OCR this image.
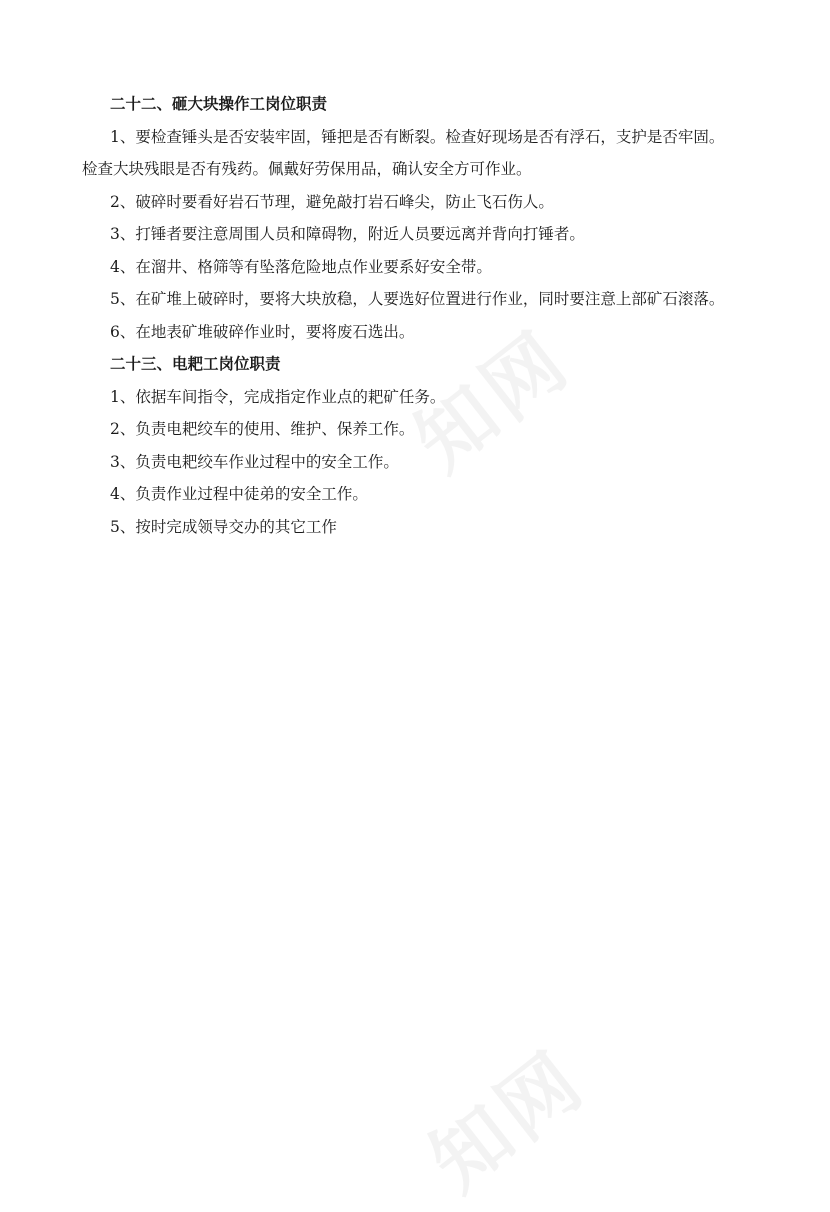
二十二、砸大块操作工岗位职责

1、要检查锤头是否安装牢固，锤把是否有断裂。检查好现场是否有浮石，支护是否牢固。检查大块残眼是否有残药。佩戴好劳保用品，确认安全方可作业。

2、破碎时要看好岩石节理，避免敲打岩石峰尖，防止飞石伤人。

3、打锤者要注意周围人员和障碍物，附近人员要远离并背向打锤者。

4、在溜井、格筛等有坠落危险地点作业要系好安全带。

5、在矿堆上破碎时，要将大块放稳，人要选好位置进行作业，同时要注意上部矿石滚落。

6、在地表矿堆破碎作业时，要将废石选出。

二十三、电耙工岗位职责

1、依据车间指令，完成指定作业点的耙矿任务。

2、负责电耙绞车的使用、维护、保养工作。

3、负责电耙绞车作业过程中的安全工作。

4、负责作业过程中徒弟的安全工作。

5、按时完成领导交办的其它工作

知网
知网
